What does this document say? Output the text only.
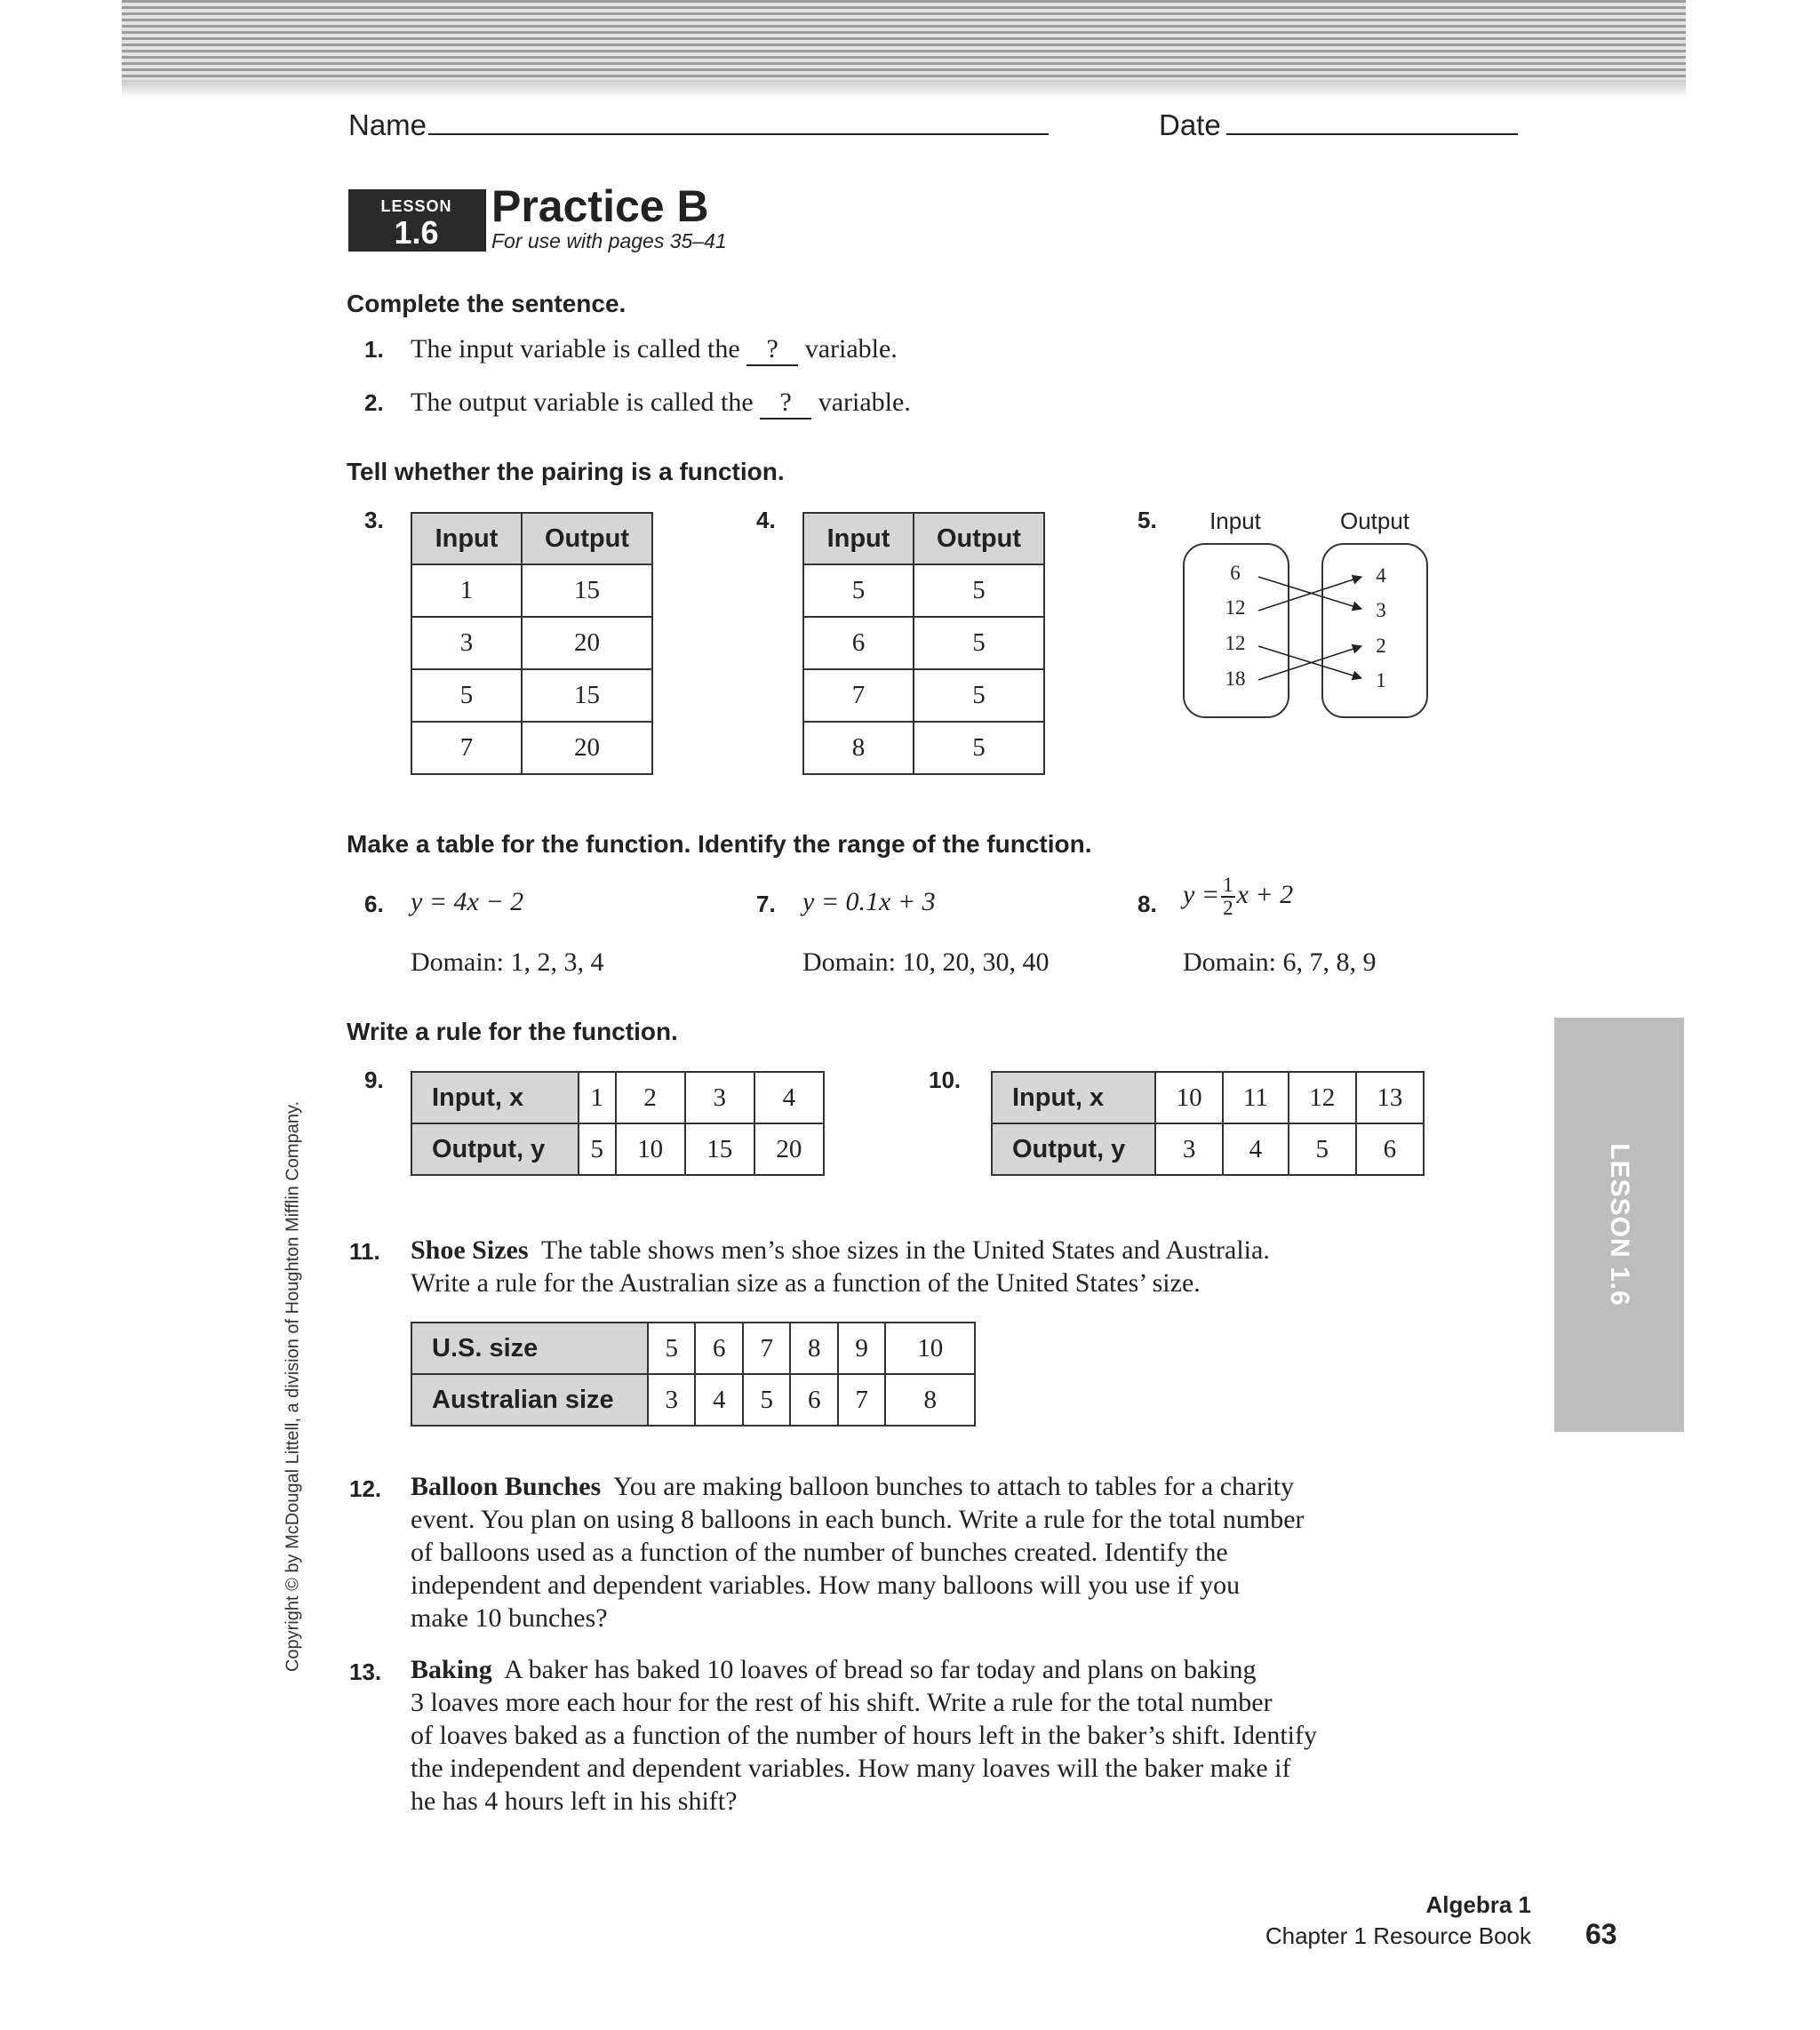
Name	Date
LESSON
1.6
Practice B
For use with pages 35–41
Complete the sentence.
1. The input variable is called the ? variable.
2. The output variable is called the ? variable.
Tell whether the pairing is a function.
3.
Input	Output
1	15
3	20
5	15
7	20
4.
Input	Output
5	5
6	5
7	5
8	5
5. Input	Output
6
12
12
18
4
3
2
1
Make a table for the function. Identify the range of the function.
6. y = 4x − 2
Domain: 1, 2, 3, 4
7. y = 0.1x + 3
Domain: 10, 20, 30, 40
8. $y = \frac{1}{2}$ x + 2
Domain: 6, 7, 8, 9
Write a rule for the function.
9.
Input, x	1	2	3	4
Output, y	5	10	15	20
10.
Input, x	10	11	12	13
Output, y	3	4	5	6
11. Shoe Sizes The table shows men’s shoe sizes in the United States and Australia.
Write a rule for the Australian size as a function of the United States’ size.
U.S. size	5	6	7	8	9	10
Australian size	3	4	5	6	7	8
12. Balloon Bunches You are making balloon bunches to attach to tables for a charity
event. You plan on using 8 balloons in each bunch. Write a rule for the total number
of balloons used as a function of the number of bunches created. Identify the
independent and dependent variables. How many balloons will you use if you
make 10 bunches?
13. Baking A baker has baked 10 loaves of bread so far today and plans on baking
3 loaves more each hour for the rest of his shift. Write a rule for the total number
of loaves baked as a function of the number of hours left in the baker’s shift. Identify
the independent and dependent variables. How many loaves will the baker make if
he has 4 hours left in his shift?
LESSON 1.6
Copyright © by McDougal Littell, a division of Houghton Mifflin Company.
Algebra 1
Chapter 1 Resource Book 63
